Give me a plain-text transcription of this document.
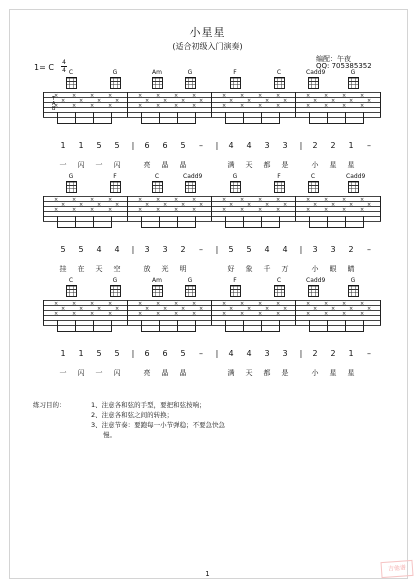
小星星
(适合初级入门演奏)
编配：午夜
QQ: 705385352
1= C
4
4 C	G	Am	G	F	C	Cadd9	G
T
A
B
×
×
×
×
×
×
×
×
×
×
×
×
×
×
×
×
×
×
×
×
×
×
×
×
×
×
×
×
×
×
×
×
×
×
×
×
×
×
×
×
×
×
×
×
×
×
×
×
1	1	5	5	|	6	6	5	–	|	4	4	3	3	|	2	2	1	–
一	闪	一	闪	亮	晶	晶	满	天	都	是	小	星	星
G	F	C	Cadd9	G	F	C	Cadd9
×
×
×
×
×
×
×
×
×
×
×
×
×
×
×
×
×
×
×
×
×
×
×
×
×
×
×
×
×
×
×
×
×
×
×
×
×
×
×
×
×
×
×
×
×
×
×
×
5	5	4	4	|	3	3	2	–	|	5	5	4	4	|	3	3	2	–
挂	在	天	空	放	光	明	好	象	千	万	小	眼	睛
C	G	Am	G	F	C	Cadd9	G
×
×
×
×
×
×
×
×
×
×
×
×
×
×
×
×
×
×
×
×
×
×
×
×
×
×
×
×
×
×
×
×
×
×
×
×
×
×
×
×
×
×
×
×
×
×
×
×
1	1	5	5	|	6	6	5	–	|	4	4	3	3	|	2	2	1	–
一	闪	一	闪	亮	晶	晶	满	天	都	是	小	星	星
练习目的：	1、注意各和弦的手型，要把和弦按响；
2、注意各和弦之间的转换；
3、注意节奏：要跑每一小节弹稳；不要急快急
慢。
1
吉他谱
